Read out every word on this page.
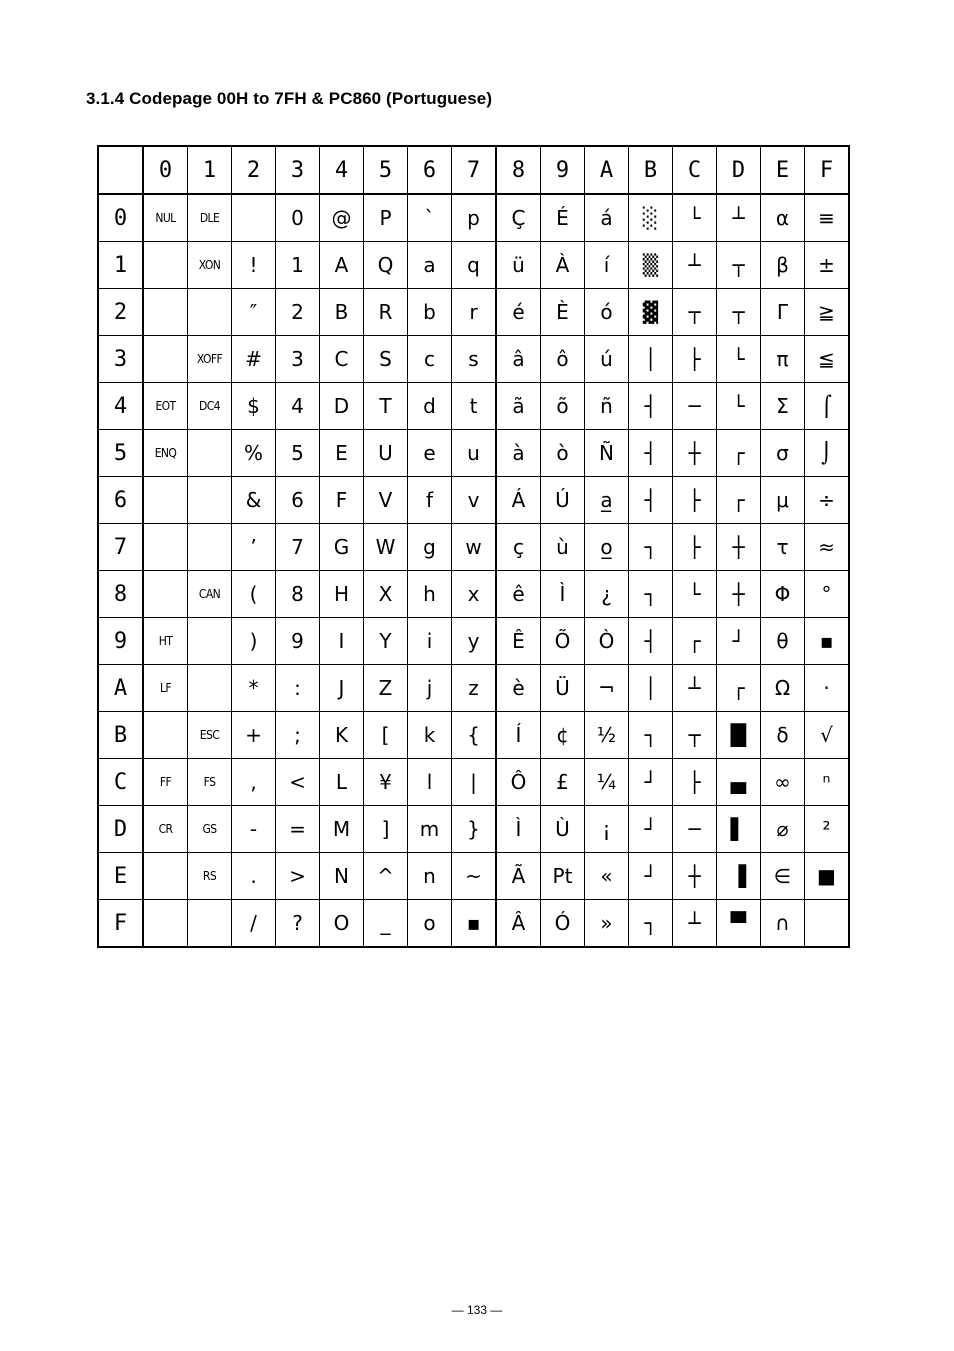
3.1.4 Codepage 00H to 7FH & PC860 (Portuguese)
	0	1	2	3	4	5	6	7	8	9	A	B	C	D	E	F
0	NUL	DLE		0	@	P	`	p	Ç	É	á	░	└	┴	α	≡
1		XON	!	1	A	Q	a	q	ü	À	í	▒	┴	┬	β	±
2			″	2	B	R	b	r	é	È	ó	▓	┬	┬	Γ	≧
3		XOFF	#	3	C	S	c	s	â	ô	ú	│	├	└	π	≦
4	EOT	DC4	$	4	D	T	d	t	ã	õ	ñ	┤	─	└	Σ	⌠
5	ENQ		%	5	E	U	e	u	à	ò	Ñ	┤	┼	┌	σ	⌡
6			&	6	F	V	f	v	Á	Ú	a̲	┤	├	┌	μ	÷
7			’	7	G	W	g	w	ç	ù	o̲	┐	├	┼	τ	≈
8		CAN	(	8	H	X	h	x	ê	Ì	¿	┐	└	┼	Φ	°
9	HT		)	9	I	Y	i	y	Ê	Õ	Ò	┤	┌	┘	θ	▪
A	LF		*	:	J	Z	j	z	è	Ü	¬	│	┴	┌	Ω	·
B		ESC	+	;	K	[	k	{	Í	¢	½	┐	┬	█	δ	√
C	FF	FS	,	<	L	¥	l	|	Ô	£	¼	┘	├	▄	∞	ⁿ
D	CR	GS	-	=	M	]	m	}	Ì	Ù	¡	┘	─	▌	⌀	²
E		RS	.	>	N	^	n	~	Ã	Pt	«	┘	┼	▐	∈	■
F			/	?	O	_	o	▪	Â	Ó	»	┐	┴	▀	∩	
— 133 —
